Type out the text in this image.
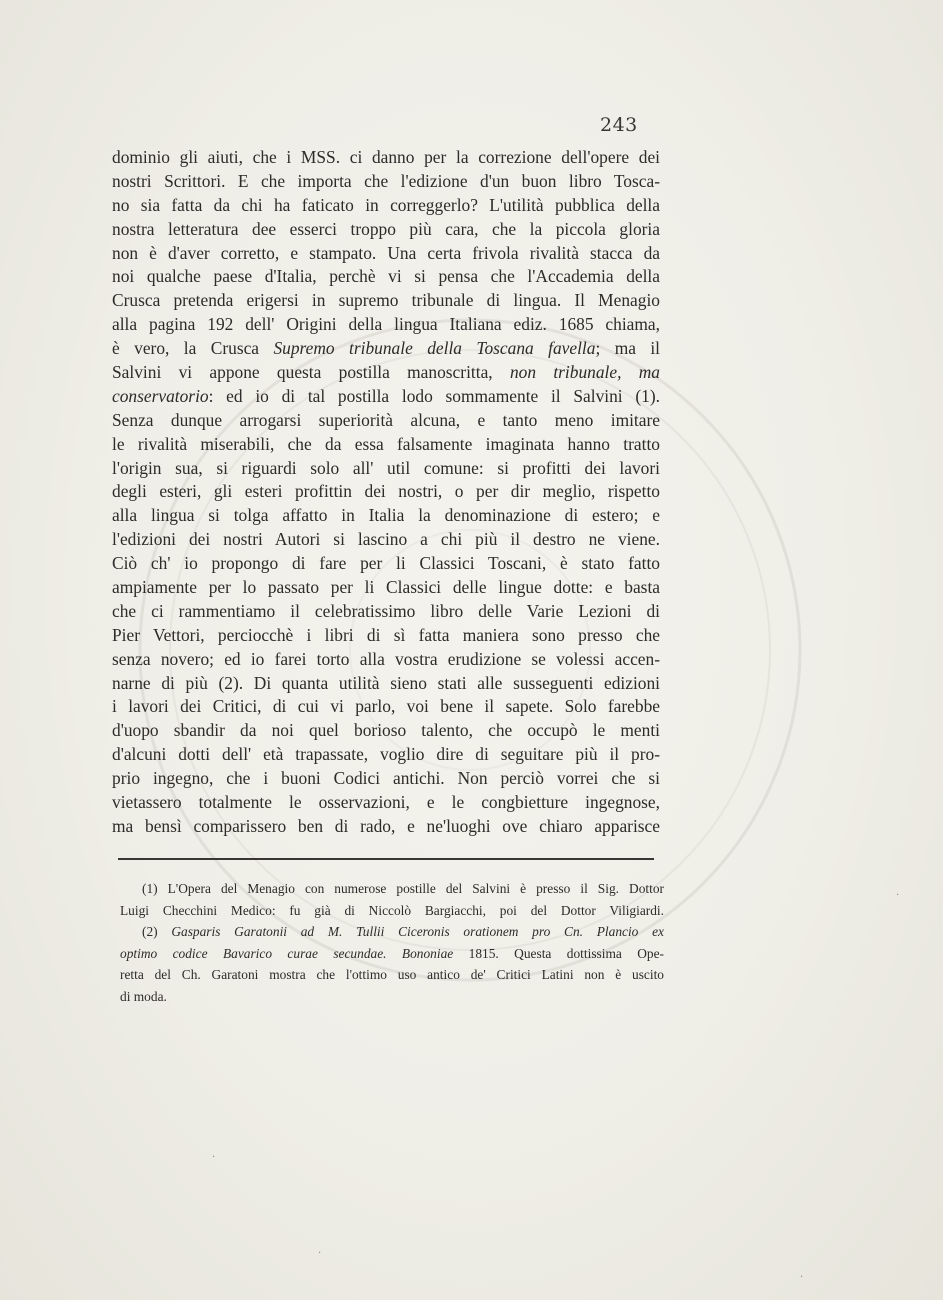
243
dominio gli aiuti, che i MSS. ci danno per la correzione dell'opere dei
nostri Scrittori. E che importa che l'edizione d'un buon libro Tosca-
no sia fatta da chi ha faticato in correggerlo? L'utilità pubblica della
nostra letteratura dee esserci troppo più cara, che la piccola gloria
non è d'aver corretto, e stampato. Una certa frivola rivalità stacca da
noi qualche paese d'Italia, perchè vi si pensa che l'Accademia della
Crusca pretenda erigersi in supremo tribunale di lingua. Il Menagio
alla pagina 192 dell' Origini della lingua Italiana ediz. 1685 chiama,
è vero, la Crusca Supremo tribunale della Toscana favella; ma il
Salvini vi appone questa postilla manoscritta, non tribunale, ma
conservatorio: ed io di tal postilla lodo sommamente il Salvini (1).
Senza dunque arrogarsi superiorità alcuna, e tanto meno imitare
le rivalità miserabili, che da essa falsamente imaginata hanno tratto
l'origin sua, si riguardi solo all' util comune: si profitti dei lavori
degli esteri, gli esteri profittin dei nostri, o per dir meglio, rispetto
alla lingua si tolga affatto in Italia la denominazione di estero; e
l'edizioni dei nostri Autori si lascino a chi più il destro ne viene.
Ciò ch' io propongo di fare per li Classici Toscani, è stato fatto
ampiamente per lo passato per li Classici delle lingue dotte: e basta
che ci rammentiamo il celebratissimo libro delle Varie Lezioni di
Pier Vettori, perciocchè i libri di sì fatta maniera sono presso che
senza novero; ed io farei torto alla vostra erudizione se volessi accen-
narne di più (2). Di quanta utilità sieno stati alle susseguenti edizioni
i lavori dei Critici, di cui vi parlo, voi bene il sapete. Solo farebbe
d'uopo sbandir da noi quel borioso talento, che occupò le menti
d'alcuni dotti dell' età trapassate, voglio dire di seguitare più il pro-
prio ingegno, che i buoni Codici antichi. Non perciò vorrei che si
vietassero totalmente le osservazioni, e le congbietture ingegnose,
ma bensì comparissero ben di rado, e ne'luoghi ove chiaro apparisce
(1) L'Opera del Menagio con numerose postille del Salvini è presso il Sig. Dottor
Luigi Checchini Medico: fu già di Niccolò Bargiacchi, poi del Dottor Viligiardi.
(2) Gasparis Garatonii ad M. Tullii Ciceronis orationem pro Cn. Plancio ex
optimo codice Bavarico curae secundae. Bononiae 1815. Questa dottissima Ope-
retta del Ch. Garatoni mostra che l'ottimo uso antico de' Critici Latini non è uscito
di moda.
·
·
·
·
